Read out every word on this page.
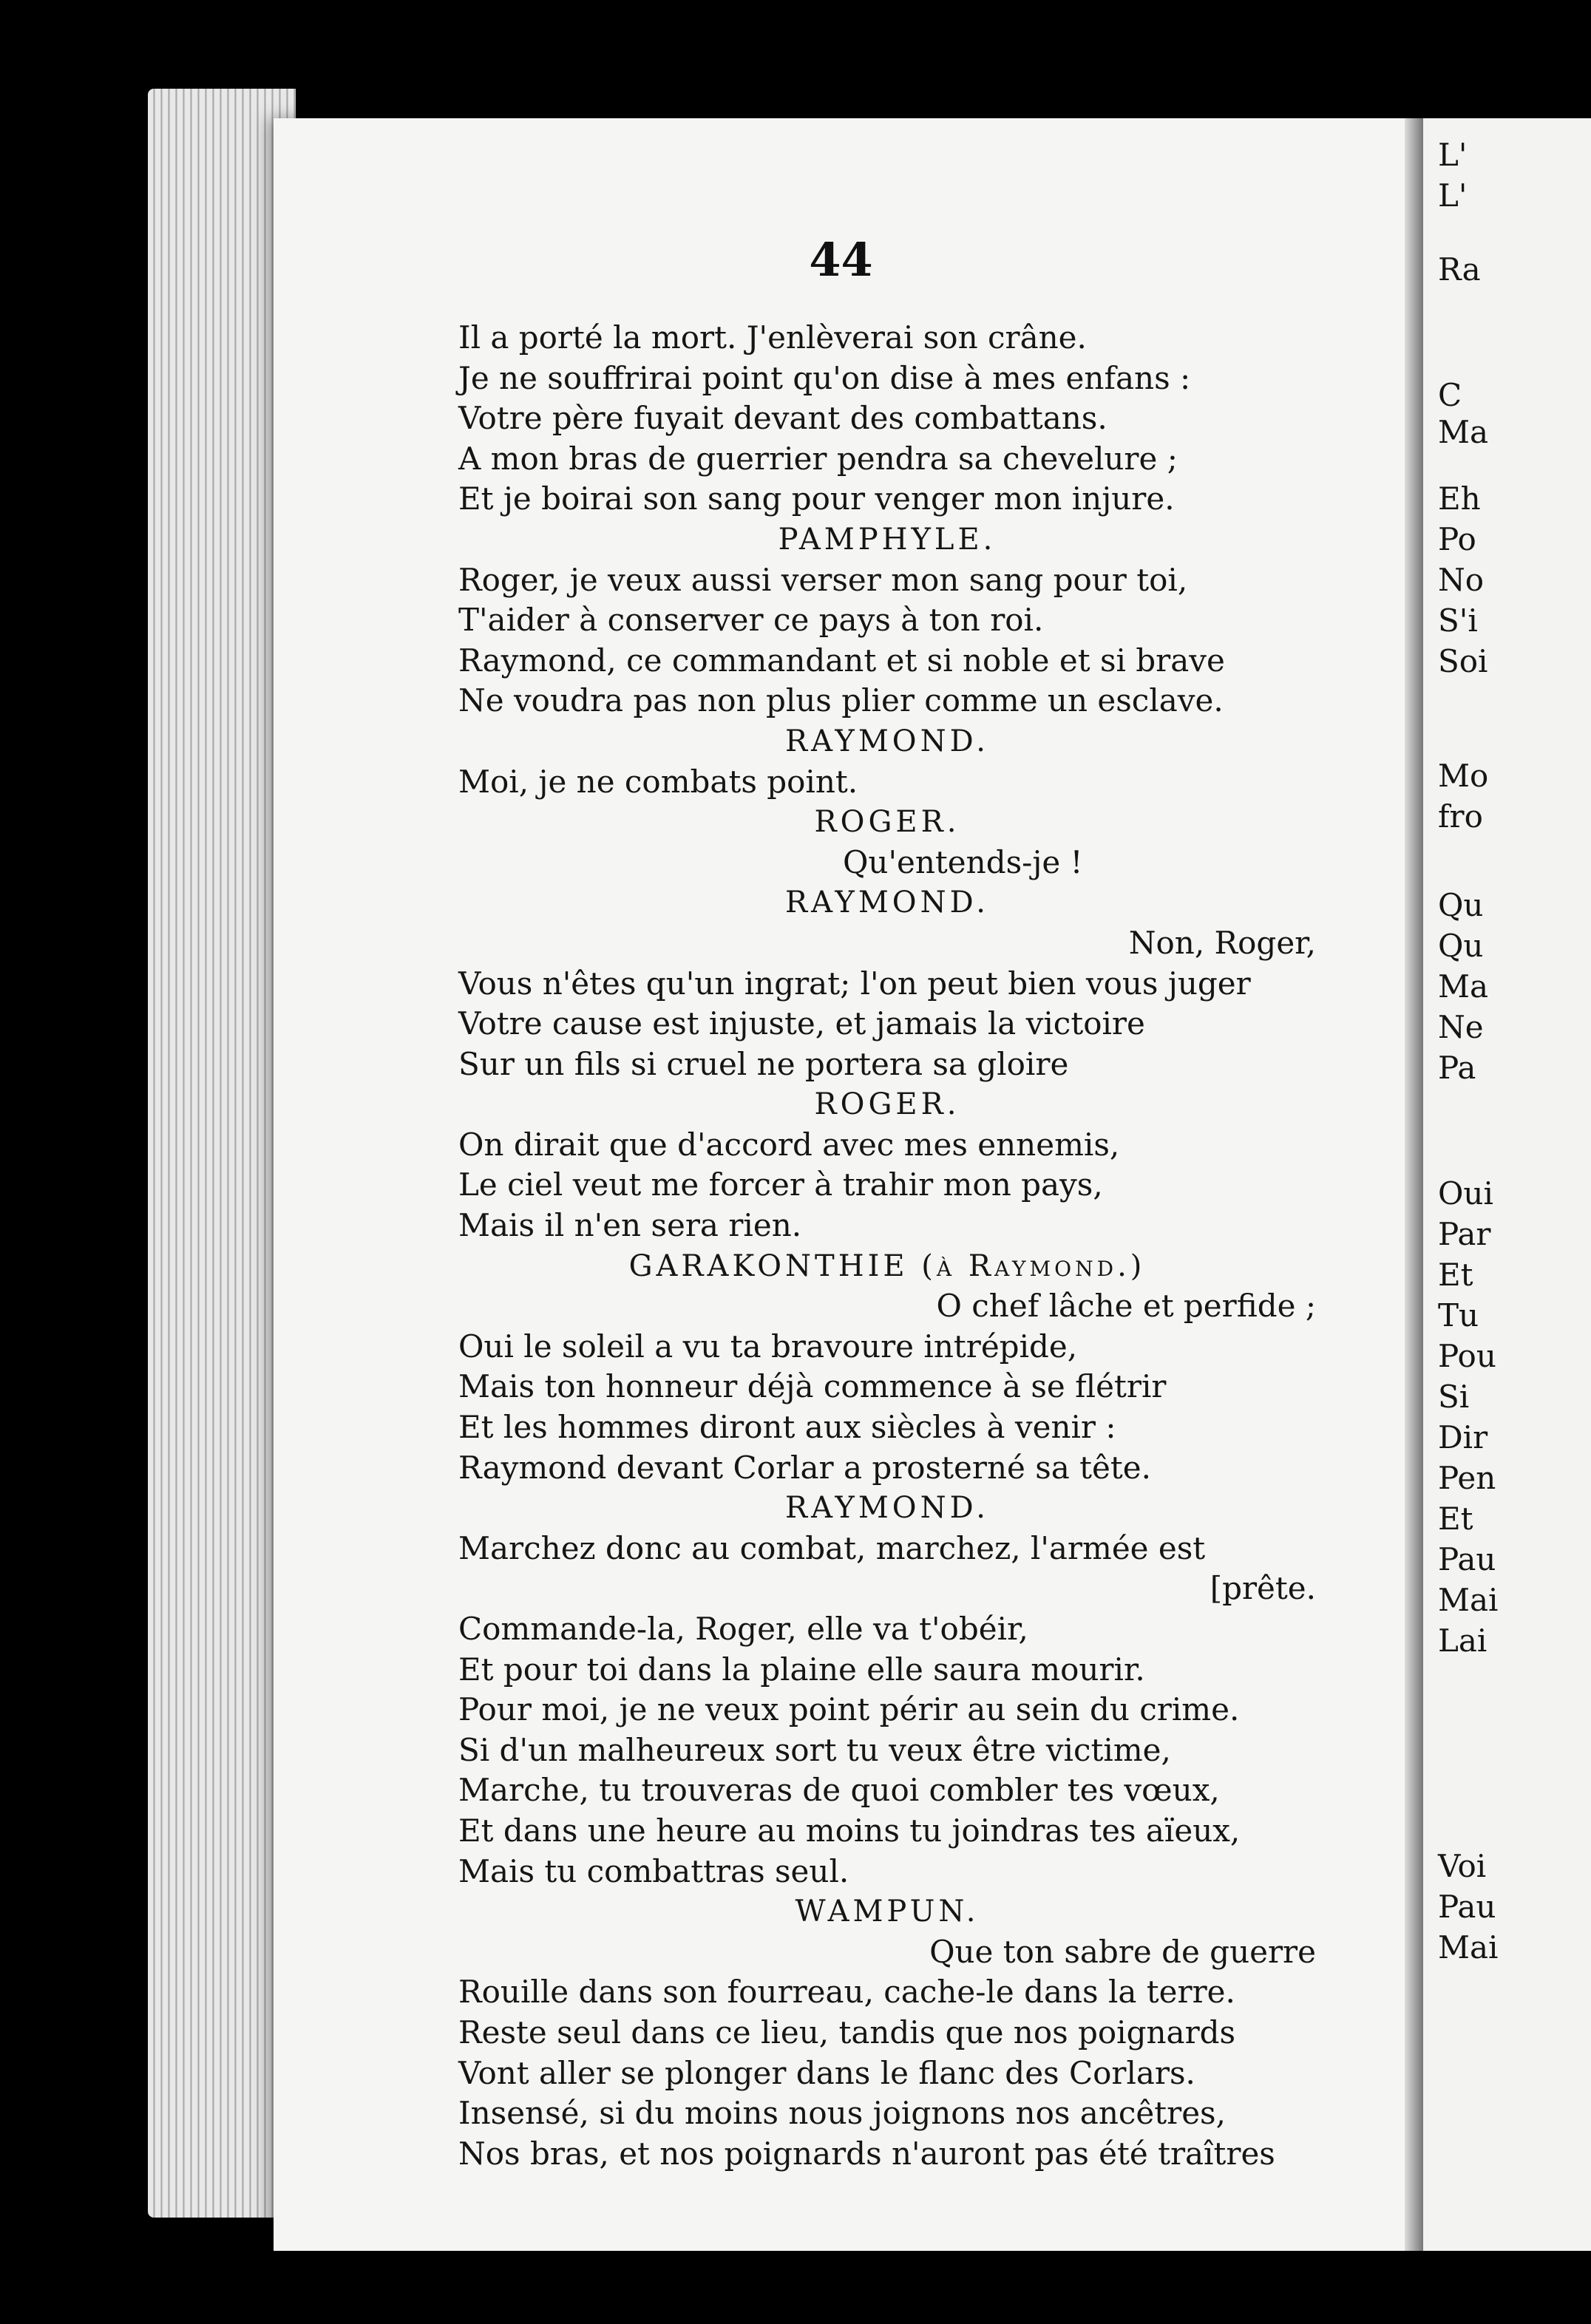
44
Il a porté la mort. J'enlèverai son crâne.
Je ne souffrirai point qu'on dise à mes enfans :
Votre père fuyait devant des combattans.
A mon bras de guerrier pendra sa chevelure ;
Et je boirai son sang pour venger mon injure.
PAMPHYLE.
Roger, je veux aussi verser mon sang pour toi,
T'aider à conserver ce pays à ton roi.
Raymond, ce commandant et si noble et si brave
Ne voudra pas non plus plier comme un esclave.
RAYMOND.
Moi, je ne combats point.
ROGER.
Qu'entends-je !
RAYMOND.
Non, Roger,
Vous n'êtes qu'un ingrat; l'on peut bien vous juger
Votre cause est injuste, et jamais la victoire
Sur un fils si cruel ne portera sa gloire
ROGER.
On dirait que d'accord avec mes ennemis,
Le ciel veut me forcer à trahir mon pays,
Mais il n'en sera rien.
GARAKONTHIE (à Raymond.)
O chef lâche et perfide ;
Oui le soleil a vu ta bravoure intrépide,
Mais ton honneur déjà commence à se flétrir
Et les hommes diront aux siècles à venir :
Raymond devant Corlar a prosterné sa tête.
RAYMOND.
Marchez donc au combat, marchez, l'armée est
[prête.
Commande-la, Roger, elle va t'obéir,
Et pour toi dans la plaine elle saura mourir.
Pour moi, je ne veux point périr au sein du crime.
Si d'un malheureux sort tu veux être victime,
Marche, tu trouveras de quoi combler tes vœux,
Et dans une heure au moins tu joindras tes aïeux,
Mais tu combattras seul.
WAMPUN.
Que ton sabre de guerre
Rouille dans son fourreau, cache-le dans la terre.
Reste seul dans ce lieu, tandis que nos poignards
Vont aller se plonger dans le flanc des Corlars.
Insensé, si du moins nous joignons nos ancêtres,
Nos bras, et nos poignards n'auront pas été traîtres
L'
L'
Ra
C
Ma
Eh
Po
No
S'i
Soi
Mo
fro
Qu
Qu
Ma
Ne
Pa
Oui
Par
Et
Tu
Pou
Si
Dir
Pen
Et
Pau
Mai
Lai
Voi
Pau
Mai
